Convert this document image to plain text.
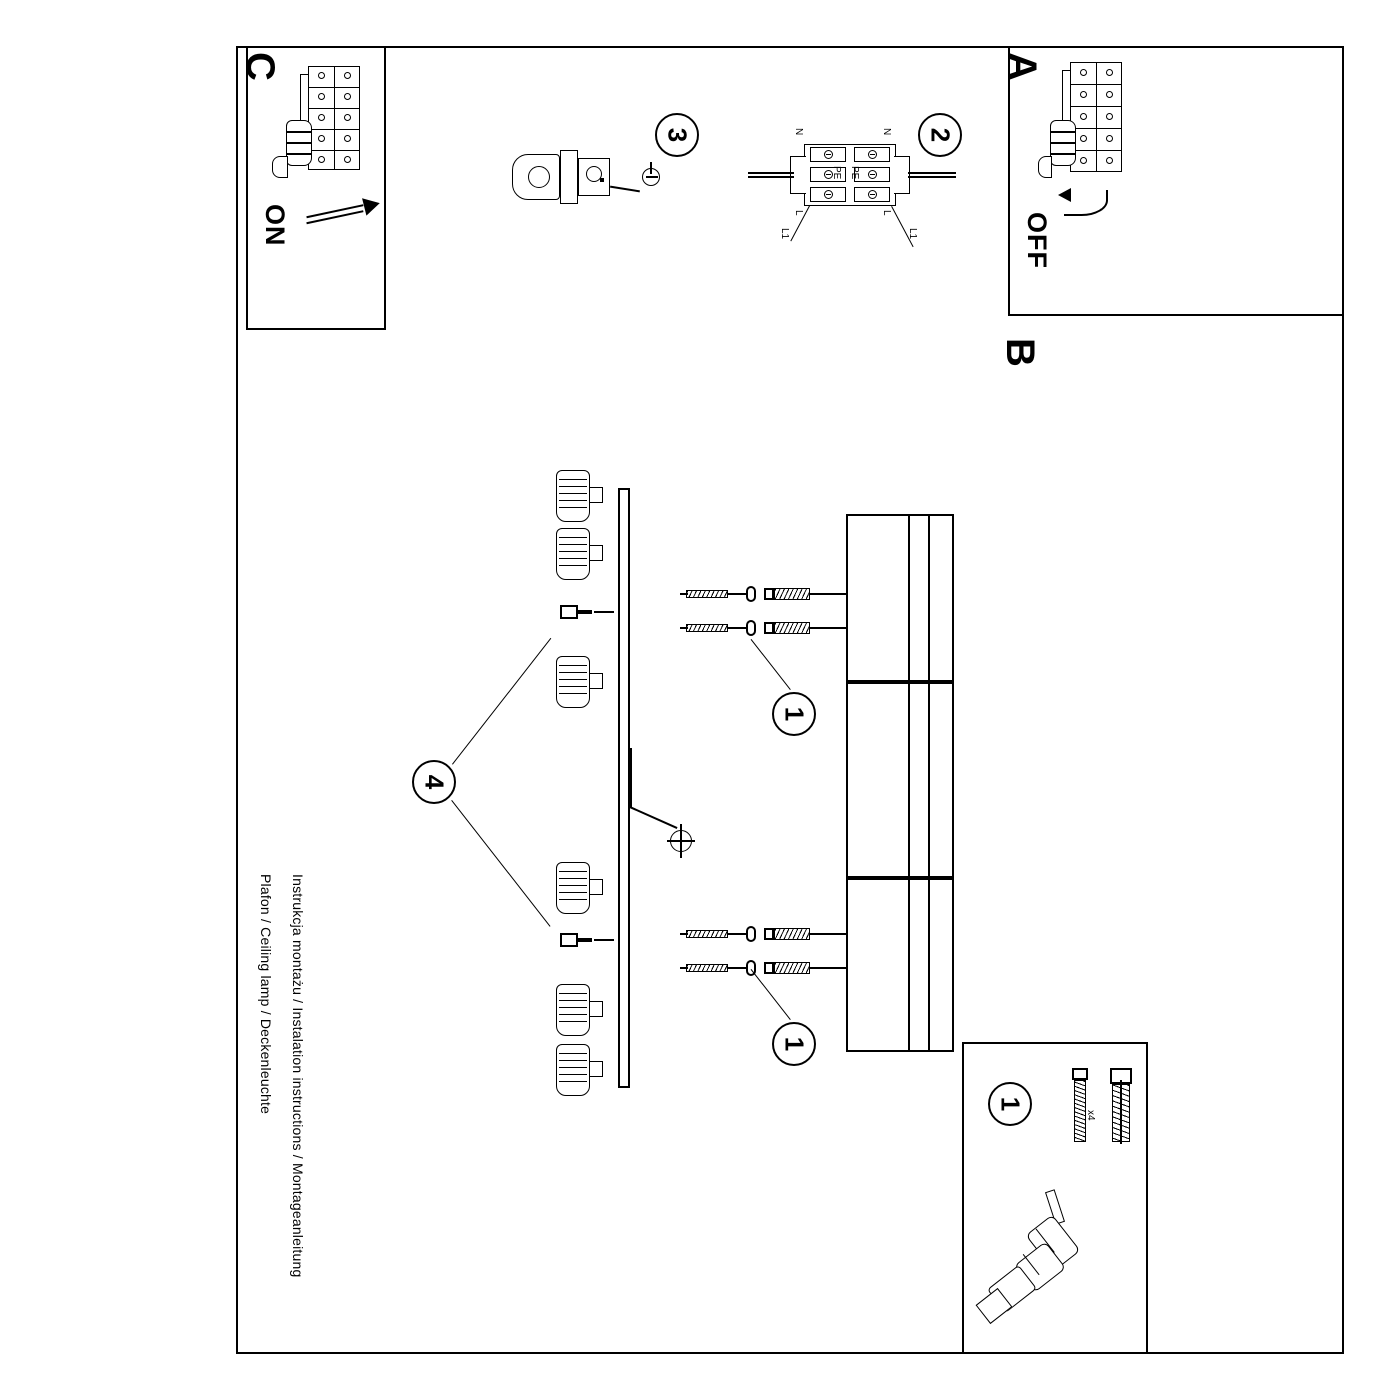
A
OFF
C
ON
B
3	2
N	N
PE PE
L	L
L1	L1
4
1
1
1
x4
Instrukcja montażu / Instalation instructions / Montageanleitung
Plafon / Ceiling lamp / Deckenleuchte
